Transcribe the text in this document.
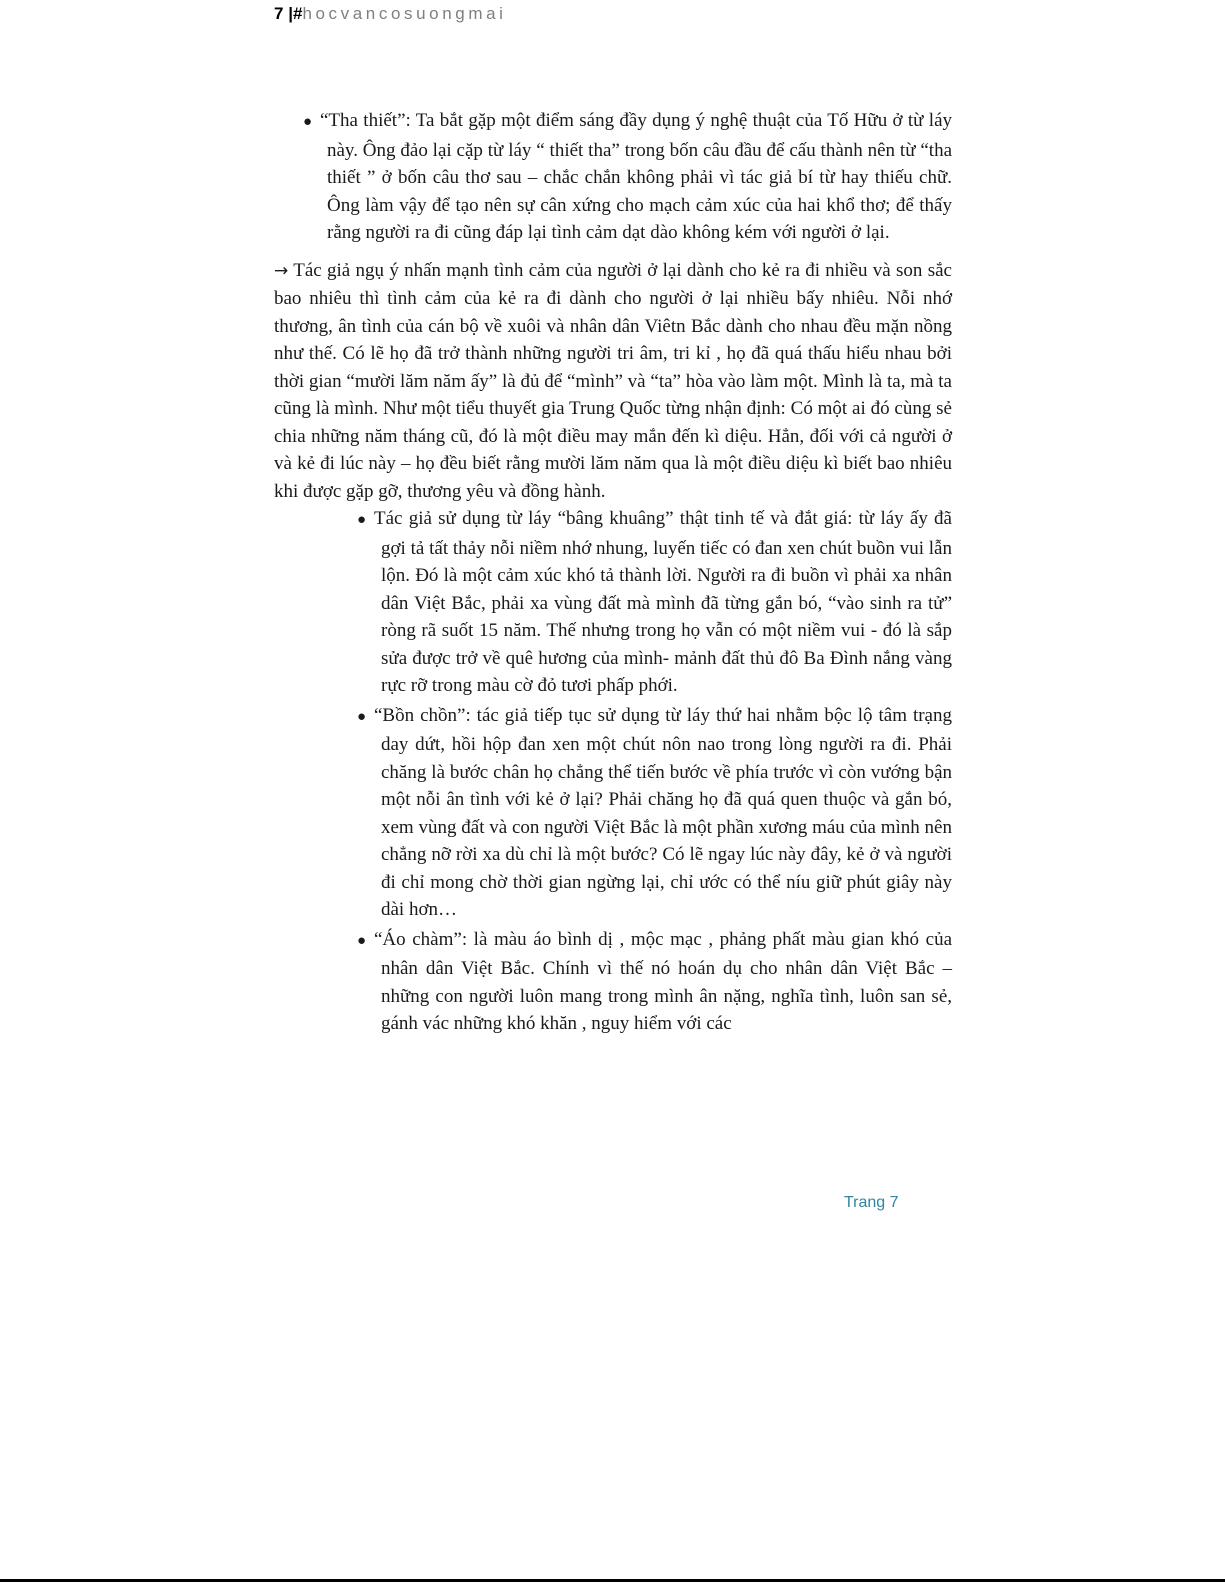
7 |#hocvancosuongmai
● “Tha thiết”: Ta bắt gặp một điểm sáng đầy dụng ý nghệ thuật của Tố Hữu ở từ láy này. Ông đảo lại cặp từ láy “ thiết tha” trong bốn câu đầu để cấu thành nên từ “tha thiết ” ở bốn câu thơ sau – chắc chắn không phải vì tác giả bí từ hay thiếu chữ. Ông làm vậy để tạo nên sự cân xứng cho mạch cảm xúc của hai khổ thơ; để thấy rằng người ra đi cũng đáp lại tình cảm dạt dào không kém với người ở lại.

→ Tác giả ngụ ý nhấn mạnh tình cảm của người ở lại dành cho kẻ ra đi nhiều và son sắc bao nhiêu thì tình cảm của kẻ ra đi dành cho người ở lại nhiều bấy nhiêu. Nỗi nhớ thương, ân tình của cán bộ về xuôi và nhân dân Viêtn Bắc dành cho nhau đều mặn nồng như thế. Có lẽ họ đã trở thành những người tri âm, tri kỉ , họ đã quá thấu hiểu nhau bởi thời gian “mười lăm năm ấy” là đủ để “mình” và “ta” hòa vào làm một. Mình là ta, mà ta cũng là mình. Như một tiểu thuyết gia Trung Quốc từng nhận định: Có một ai đó cùng sẻ chia những năm tháng cũ, đó là một điều may mắn đến kì diệu. Hẳn, đối với cả người ở và kẻ đi lúc này – họ đều biết rằng mười lăm năm qua là một điều diệu kì biết bao nhiêu khi được gặp gỡ, thương yêu và đồng hành.

● Tác giả sử dụng từ láy “bâng khuâng” thật tinh tế và đắt giá: từ láy ấy đã gợi tả tất thảy nỗi niềm nhớ nhung, luyến tiếc có đan xen chút buồn vui lẫn lộn. Đó là một cảm xúc khó tả thành lời. Người ra đi buồn vì phải xa nhân dân Việt Bắc, phải xa vùng đất mà mình đã từng gắn bó, “vào sinh ra tử” ròng rã suốt 15 năm. Thế nhưng trong họ vẫn có một niềm vui - đó là sắp sửa được trở về quê hương của mình- mảnh đất thủ đô Ba Đình nắng vàng rực rỡ trong màu cờ đỏ tươi phấp phới.
● “Bồn chồn”: tác giả tiếp tục sử dụng từ láy thứ hai nhằm bộc lộ tâm trạng day dứt, hồi hộp đan xen một chút nôn nao trong lòng người ra đi. Phải chăng là bước chân họ chẳng thể tiến bước về phía trước vì còn vướng bận một nỗi ân tình với kẻ ở lại? Phải chăng họ đã quá quen thuộc và gắn bó, xem vùng đất và con người Việt Bắc là một phần xương máu của mình nên chẳng nỡ rời xa dù chỉ là một bước? Có lẽ ngay lúc này đây, kẻ ở và người đi chỉ mong chờ thời gian ngừng lại, chỉ ước có thể níu giữ phút giây này dài hơn…
● “Áo chàm”: là màu áo bình dị , mộc mạc , phảng phất màu gian khó của nhân dân Việt Bắc. Chính vì thế nó hoán dụ cho nhân dân Việt Bắc – những con người luôn mang trong mình ân nặng, nghĩa tình, luôn san sẻ, gánh vác những khó khăn , nguy hiểm với các
Trang 7
